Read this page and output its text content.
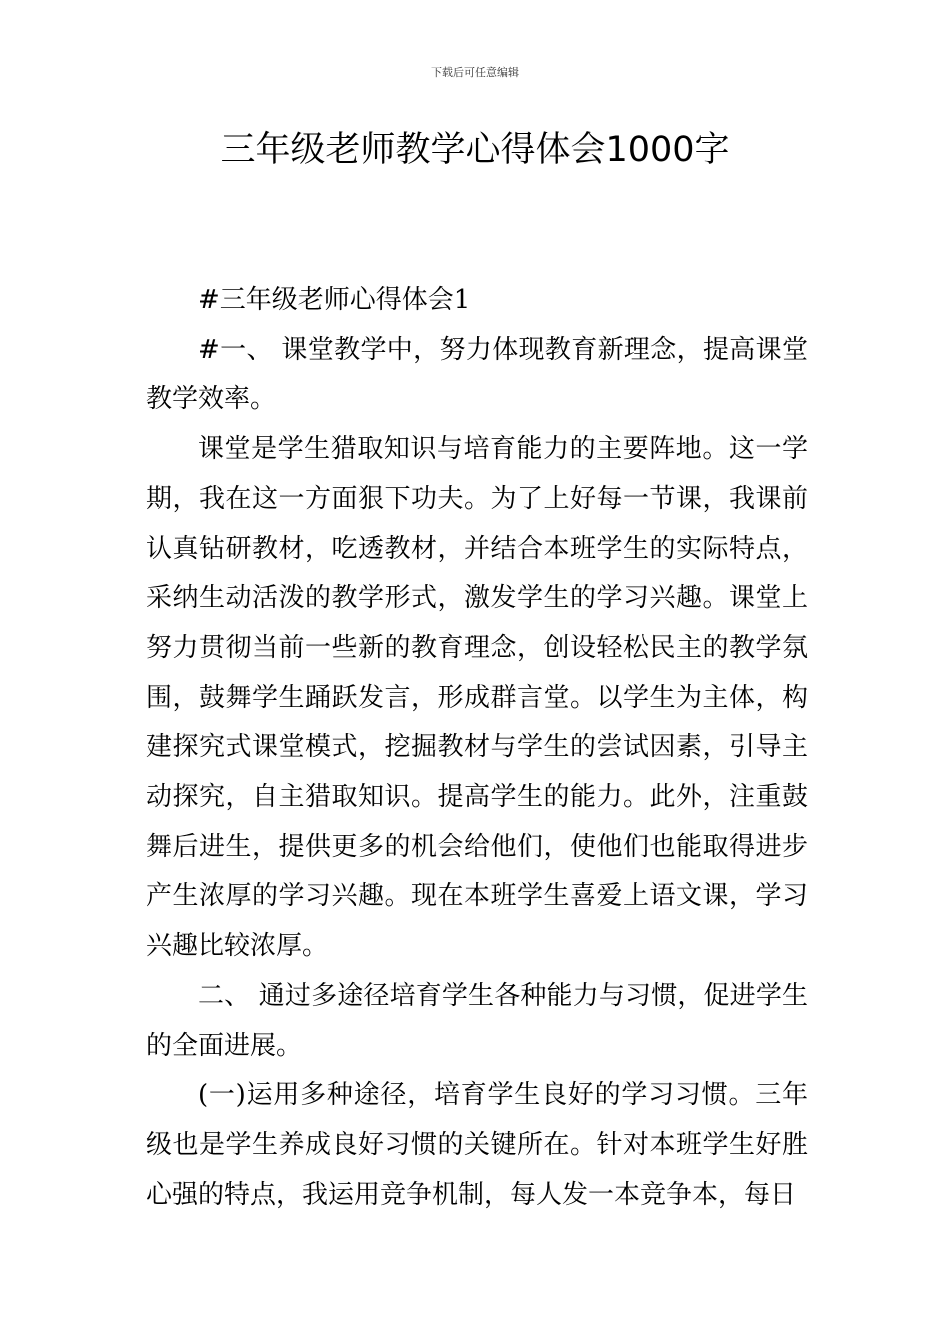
下载后可任意编辑
三年级老师教学心得体会1000字

#三年级老师心得体会1

#一、 课堂教学中，努力体现教育新理念，提高课堂教学效率。

课堂是学生猎取知识与培育能力的主要阵地。这一学期，我在这一方面狠下功夫。为了上好每一节课，我课前认真钻研教材，吃透教材，并结合本班学生的实际特点，采纳生动活泼的教学形式，激发学生的学习兴趣。课堂上努力贯彻当前一些新的教育理念，创设轻松民主的教学氛围，鼓舞学生踊跃发言，形成群言堂。以学生为主体，构建探究式课堂模式，挖掘教材与学生的尝试因素，引导主动探究，自主猎取知识。提高学生的能力。此外，注重鼓舞后进生，提供更多的机会给他们，使他们也能取得进步产生浓厚的学习兴趣。现在本班学生喜爱上语文课，学习兴趣比较浓厚。

二、 通过多途径培育学生各种能力与习惯，促进学生的全面进展。

(一)运用多种途径，培育学生良好的学习习惯。三年级也是学生养成良好习惯的关键所在。针对本班学生好胜心强的特点，我运用竞争机制，每人发一本竞争本，每日
